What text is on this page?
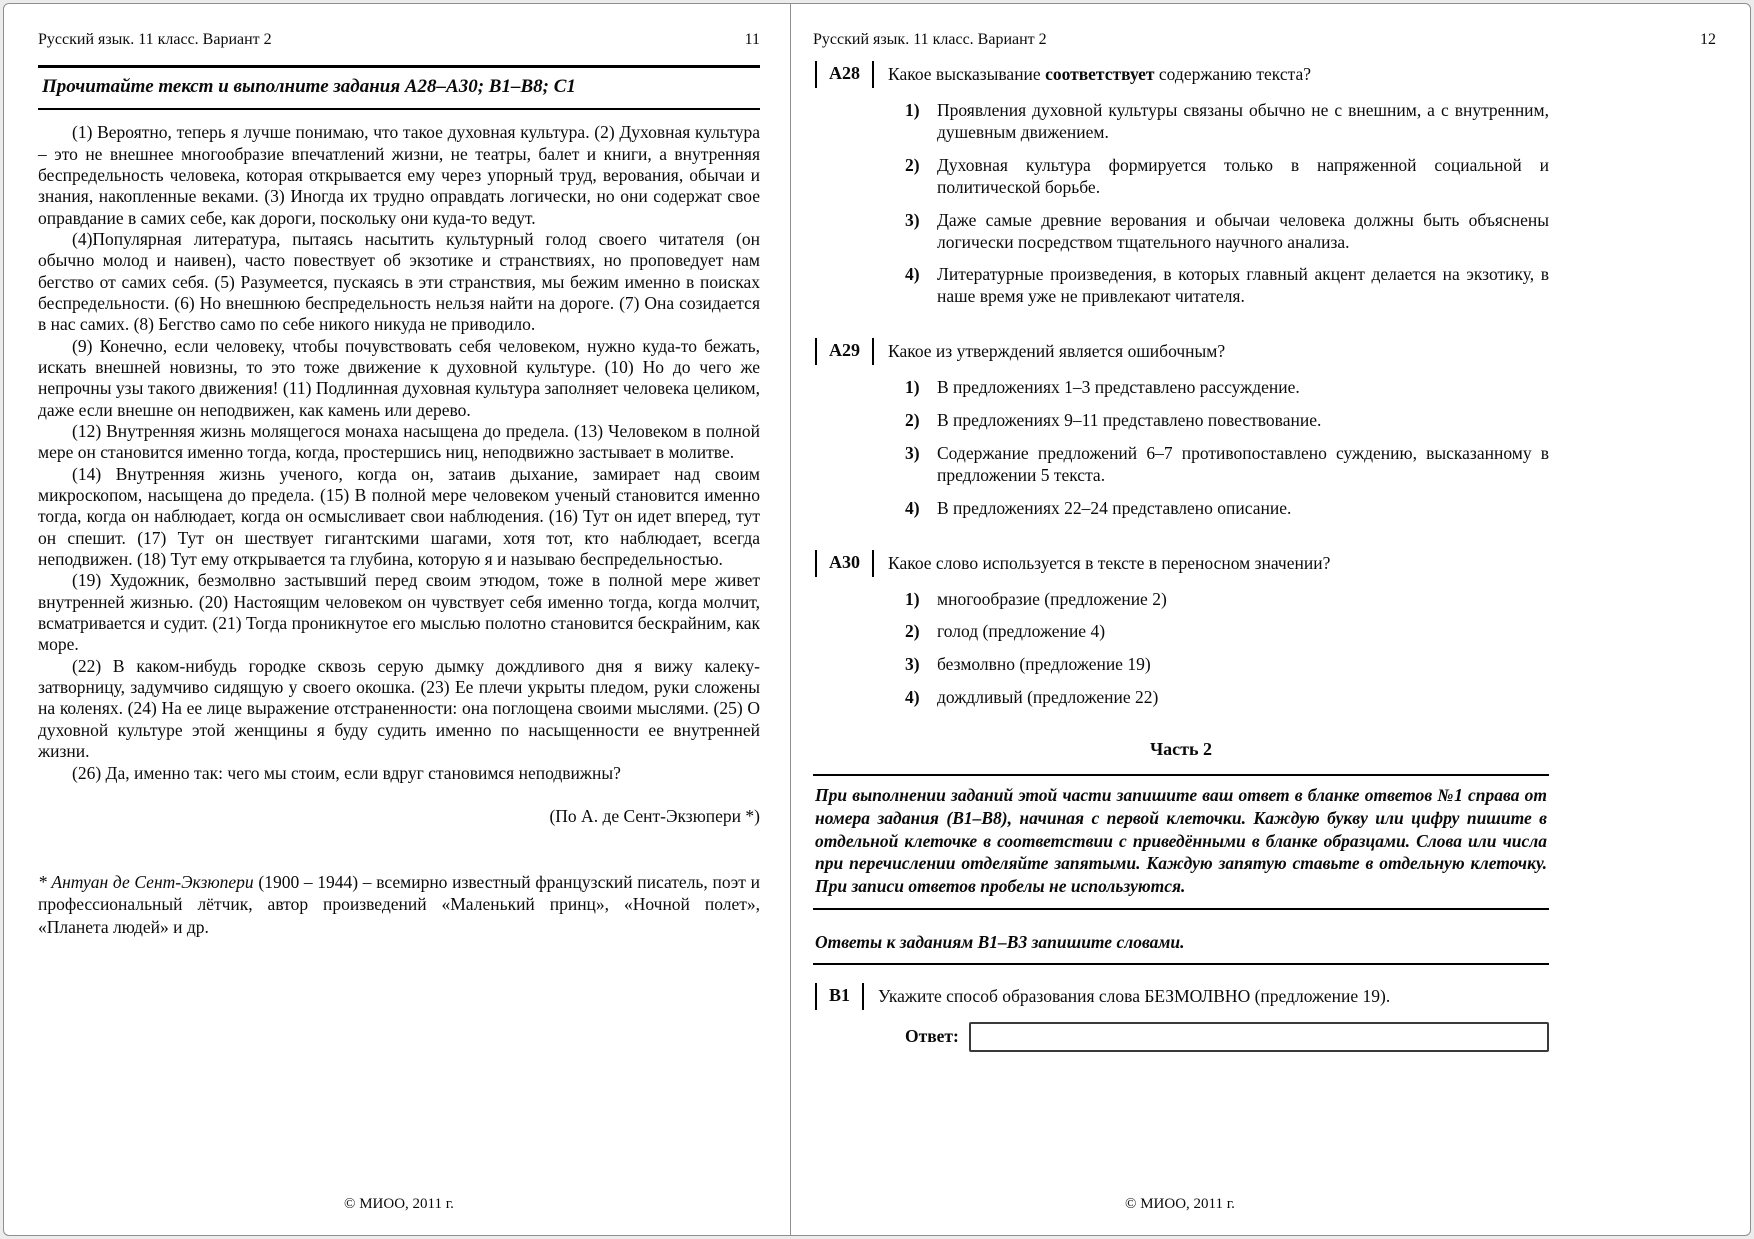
Русский язык. 11 класс. Вариант 2	11
Прочитайте текст и выполните задания А28–А30; В1–В8; С1

(1) Вероятно, теперь я лучше понимаю, что такое духовная культура. (2) Духовная культура – это не внешнее многообразие впечатлений жизни, не театры, балет и книги, а внутренняя беспредельность человека, которая открывается ему через упорный труд, верования, обычаи и знания, накопленные веками. (3) Иногда их трудно оправдать логически, но они содержат свое оправдание в самих себе, как дороги, поскольку они куда-то ведут.

(4)Популярная литература, пытаясь насытить культурный голод своего читателя (он обычно молод и наивен), часто повествует об экзотике и странствиях, но проповедует нам бегство от самих себя. (5) Разумеется, пускаясь в эти странствия, мы бежим именно в поисках беспредельности. (6) Но внешнюю беспредельность нельзя найти на дороге. (7) Она созидается в нас самих. (8) Бегство само по себе никого никуда не приводило.

(9) Конечно, если человеку, чтобы почувствовать себя человеком, нужно куда-то бежать, искать внешней новизны, то это тоже движение к духовной культуре. (10) Но до чего же непрочны узы такого движения! (11) Подлинная духовная культура заполняет человека целиком, даже если внешне он неподвижен, как камень или дерево.

(12) Внутренняя жизнь молящегося монаха насыщена до предела. (13) Человеком в полной мере он становится именно тогда, когда, простершись ниц, неподвижно застывает в молитве.

(14) Внутренняя жизнь ученого, когда он, затаив дыхание, замирает над своим микроскопом, насыщена до предела. (15) В полной мере человеком ученый становится именно тогда, когда он наблюдает, когда он осмысливает свои наблюдения. (16) Тут он идет вперед, тут он спешит. (17) Тут он шествует гигантскими шагами, хотя тот, кто наблюдает, всегда неподвижен. (18) Тут ему открывается та глубина, которую я и называю беспредельностью.

(19) Художник, безмолвно застывший перед своим этюдом, тоже в полной мере живет внутренней жизнью. (20) Настоящим человеком он чувствует себя именно тогда, когда молчит, всматривается и судит. (21) Тогда проникнутое его мыслью полотно становится бескрайним, как море.

(22) В каком-нибудь городке сквозь серую дымку дождливого дня я вижу калеку-затворницу, задумчиво сидящую у своего окошка. (23) Ее плечи укрыты пледом, руки сложены на коленях. (24) На ее лице выражение отстраненности: она поглощена своими мыслями. (25) О духовной культуре этой женщины я буду судить именно по насыщенности ее внутренней жизни.

(26) Да, именно так: чего мы стоим, если вдруг становимся неподвижны?

(По А. де Сент-Экзюпери *)

* Антуан де Сент-Экзюпери (1900 – 1944) – всемирно известный французский писатель, поэт и профессиональный лётчик, автор произведений «Маленький принц», «Ночной полет», «Планета людей» и др.

© МИОО, 2011 г.
Русский язык. 11 класс. Вариант 2	12
А28	Какое высказывание соответствует содержанию текста?
1) Проявления духовной культуры связаны обычно не с внешним, а с внутренним, душевным движением.
2) Духовная культура формируется только в напряженной социальной и политической борьбе.
3) Даже самые древние верования и обычаи человека должны быть объяснены логически посредством тщательного научного анализа.
4) Литературные произведения, в которых главный акцент делается на экзотику, в наше время уже не привлекают читателя.
А29	Какое из утверждений является ошибочным?
1) В предложениях 1–3 представлено рассуждение.
2) В предложениях 9–11 представлено повествование.
3) Содержание предложений 6–7 противопоставлено суждению, высказанному в предложении 5 текста.
4) В предложениях 22–24 представлено описание.
А30	Какое слово используется в тексте в переносном значении?
1) многообразие (предложение 2)
2) голод (предложение 4)
3) безмолвно (предложение 19)
4) дождливый (предложение 22)
Часть 2
При выполнении заданий этой части запишите ваш ответ в бланке ответов №1 справа от номера задания (В1–В8), начиная с первой клеточки. Каждую букву или цифру пишите в отдельной клеточке в соответствии с приведёнными в бланке образцами. Слова или числа при перечислении отделяйте запятыми. Каждую запятую ставьте в отдельную клеточку. При записи ответов пробелы не используются.
Ответы к заданиям В1–В3 запишите словами.
В1	Укажите способ образования слова БЕЗМОЛВНО (предложение 19).
Ответ:
© МИОО, 2011 г.
